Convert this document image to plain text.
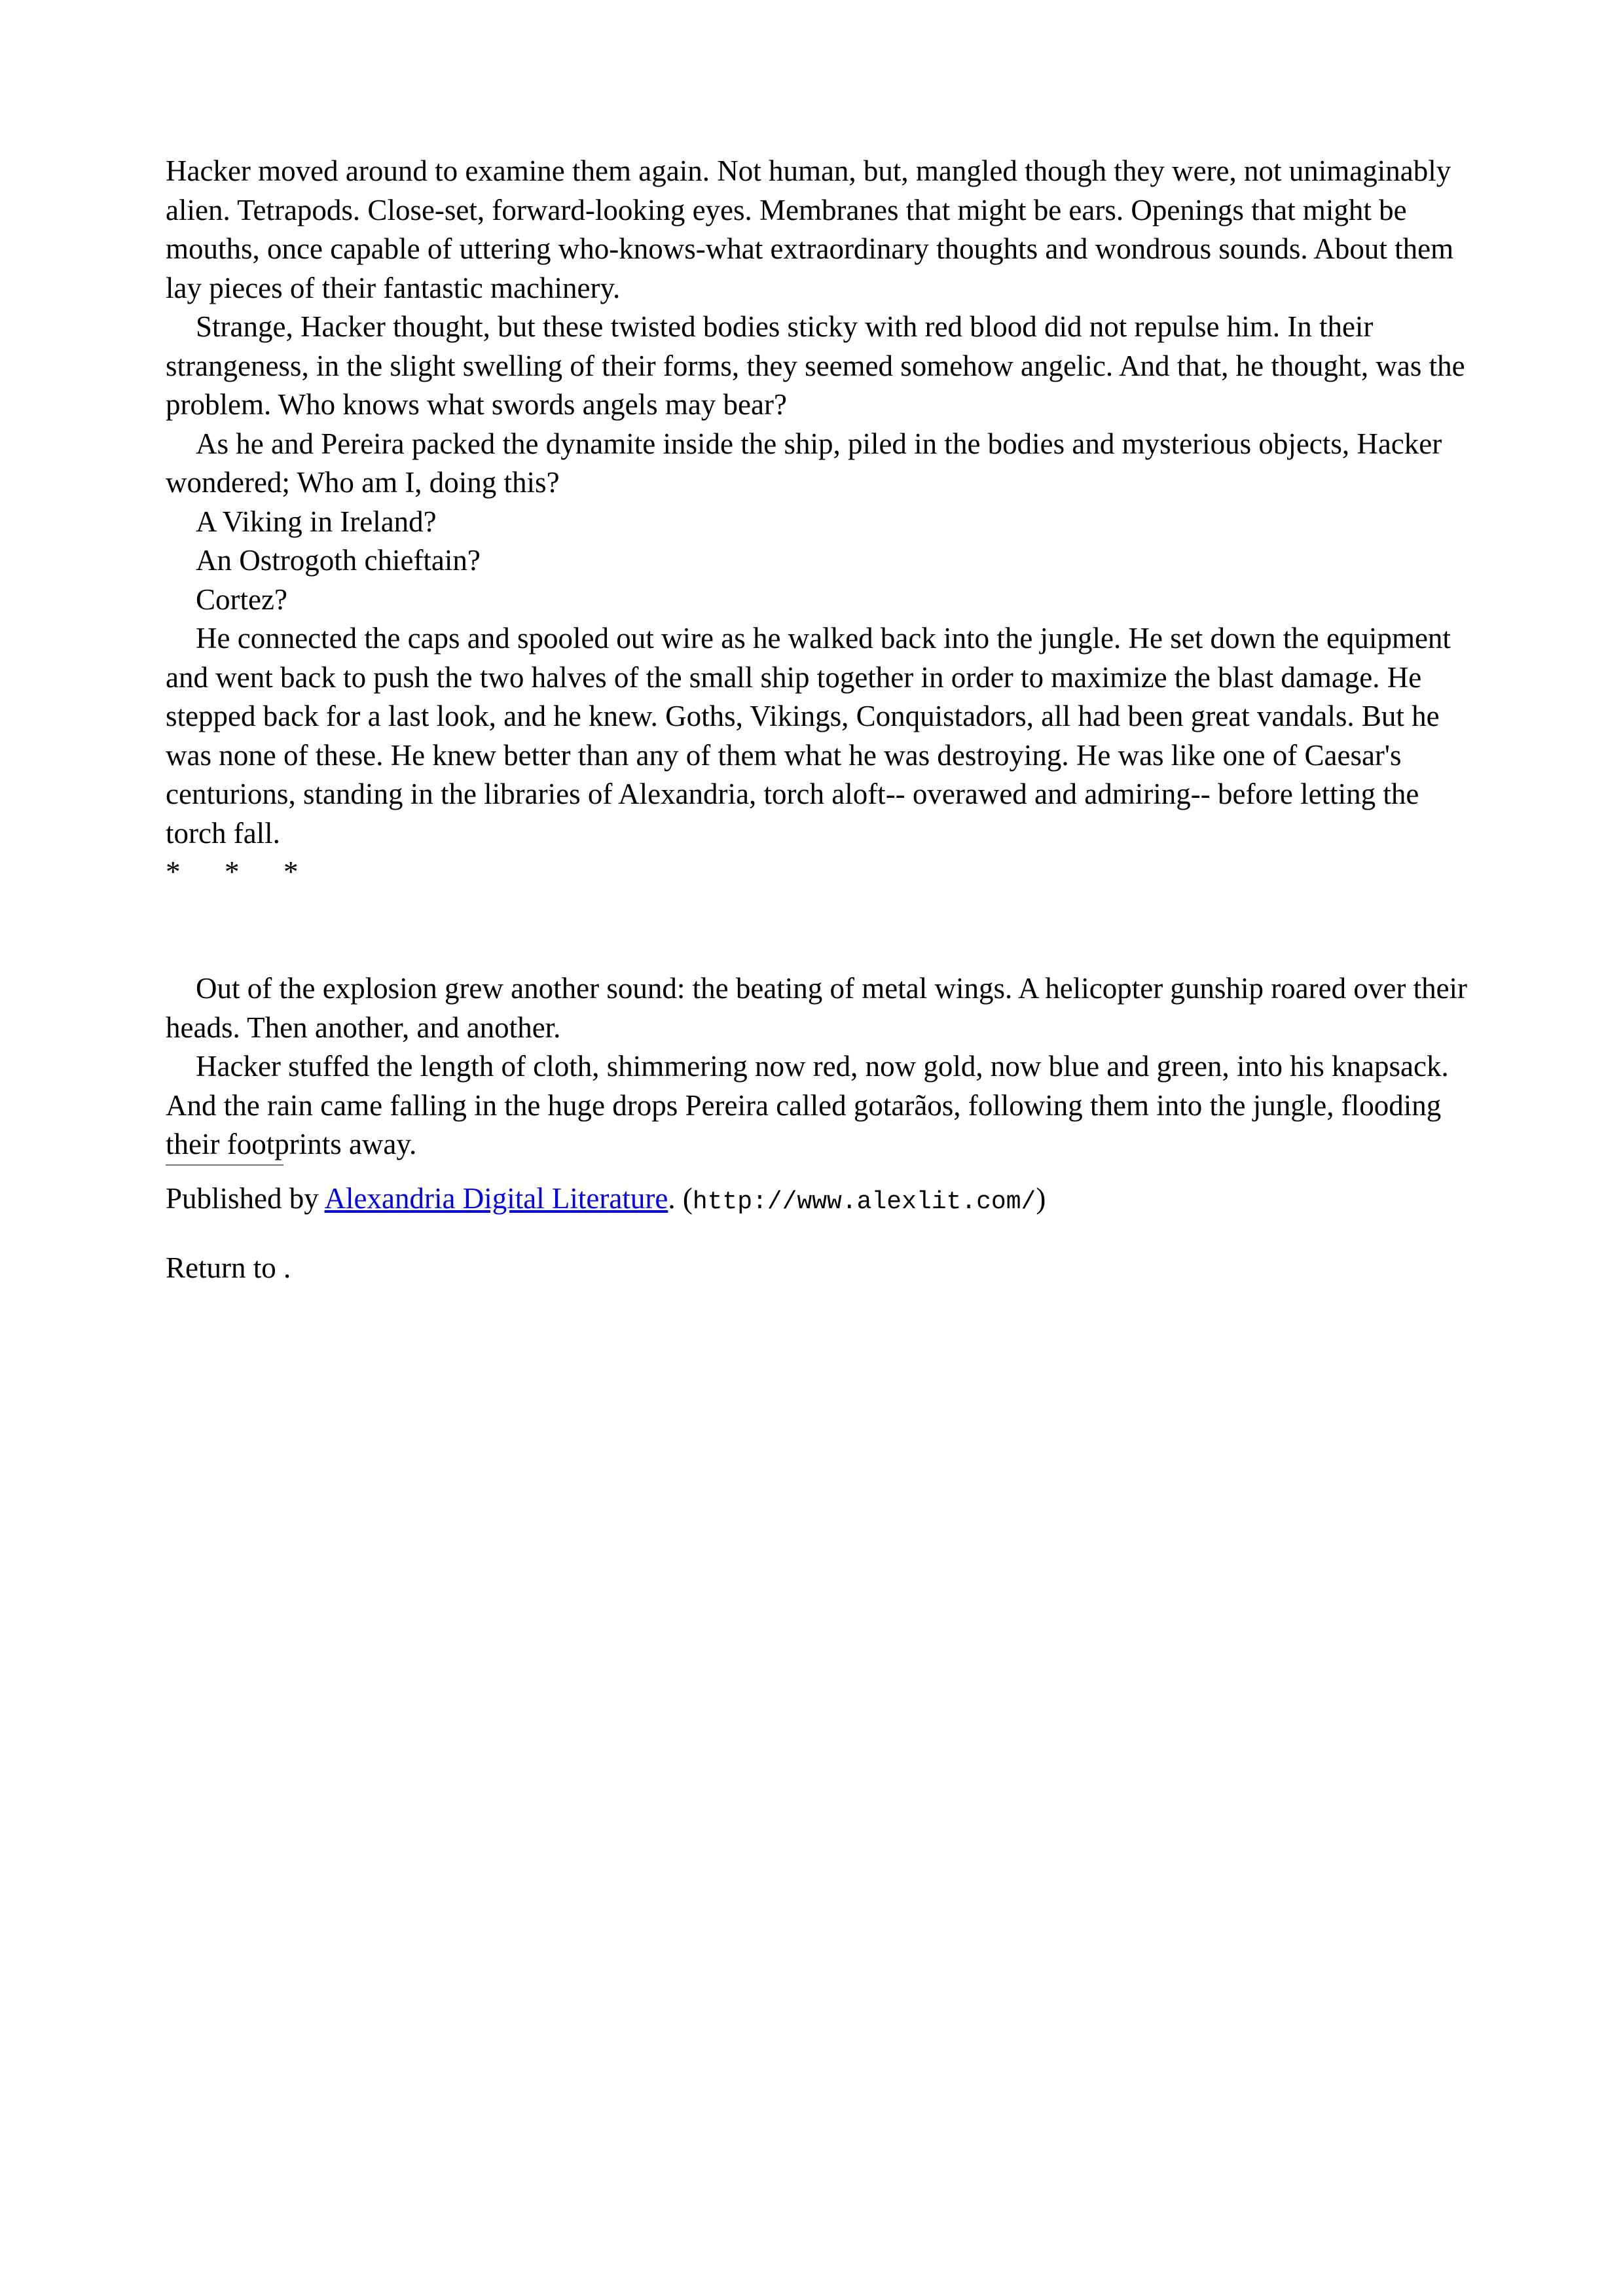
Hacker moved around to examine them again. Not human, but, mangled though they were, not unimaginably alien. Tetrapods. Close-set, forward-looking eyes. Membranes that might be ears. Openings that might be mouths, once capable of uttering who-knows-what extraordinary thoughts and wondrous sounds. About them lay pieces of their fantastic machinery.

Strange, Hacker thought, but these twisted bodies sticky with red blood did not repulse him. In their strangeness, in the slight swelling of their forms, they seemed somehow angelic. And that, he thought, was the problem. Who knows what swords angels may bear?

As he and Pereira packed the dynamite inside the ship, piled in the bodies and mysterious objects, Hacker wondered; Who am I, doing this?

A Viking in Ireland?

An Ostrogoth chieftain?

Cortez?

He connected the caps and spooled out wire as he walked back into the jungle. He set down the equipment and went back to push the two halves of the small ship together in order to maximize the blast damage. He stepped back for a last look, and he knew. Goths, Vikings, Conquistadors, all had been great vandals. But he was none of these. He knew better than any of them what he was destroying. He was like one of Caesar's centurions, standing in the libraries of Alexandria, torch aloft-- overawed and admiring-- before letting the torch fall.

*      *      *

Out of the explosion grew another sound: the beating of metal wings. A helicopter gunship roared over their heads. Then another, and another.

Hacker stuffed the length of cloth, shimmering now red, now gold, now blue and green, into his knapsack. And the rain came falling in the huge drops Pereira called gotarãos, following them into the jungle, flooding their footprints away.

Published by Alexandria Digital Literature. (http://www.alexlit.com/)

Return to .
